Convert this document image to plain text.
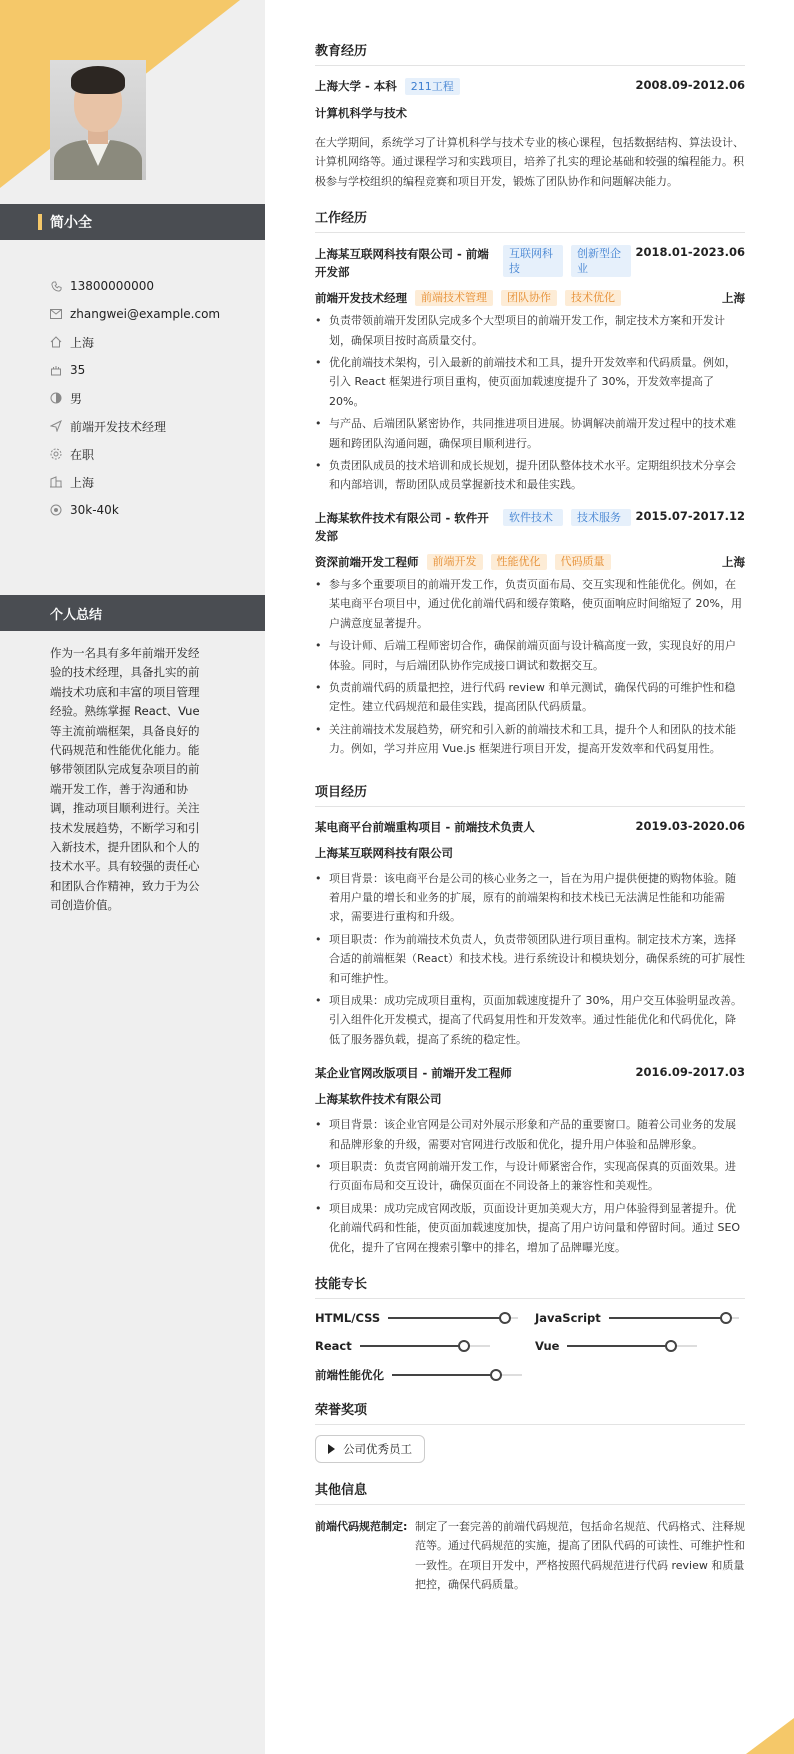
简小全
13800000000
zhangwei@example.com
上海
35
男
前端开发技术经理
在职
上海
30k-40k
个人总结
作为一名具有多年前端开发经验的技术经理，具备扎实的前端技术功底和丰富的项目管理经验。熟练掌握 React、Vue 等主流前端框架，具备良好的代码规范和性能优化能力。能够带领团队完成复杂项目的前端开发工作，善于沟通和协调，推动项目顺利进行。关注技术发展趋势，不断学习和引入新技术，提升团队和个人的技术水平。具有较强的责任心和团队合作精神，致力于为公司创造价值。
教育经历
上海大学 - 本科	211工程	2008.09-2012.06
计算机科学与技术
在大学期间，系统学习了计算机科学与技术专业的核心课程，包括数据结构、算法设计、计算机网络等。通过课程学习和实践项目，培养了扎实的理论基础和较强的编程能力。积极参与学校组织的编程竞赛和项目开发，锻炼了团队协作和问题解决能力。
工作经历
上海某互联网科技有限公司 - 前端开发部
互联网科技
创新型企业
2018.01-2023.06
前端开发技术经理	前端技术管理	团队协作	技术优化	上海
• 负责带领前端开发团队完成多个大型项目的前端开发工作，制定技术方案和开发计划，确保项目按时高质量交付。
• 优化前端技术架构，引入最新的前端技术和工具，提升开发效率和代码质量。例如，引入 React 框架进行项目重构，使页面加载速度提升了 30%，开发效率提高了 20%。
• 与产品、后端团队紧密协作，共同推进项目进展。协调解决前端开发过程中的技术难题和跨团队沟通问题，确保项目顺利进行。
• 负责团队成员的技术培训和成长规划，提升团队整体技术水平。定期组织技术分享会和内部培训，帮助团队成员掌握新技术和最佳实践。
上海某软件技术有限公司 - 软件开发部
软件技术	技术服务	2015.07-2017.12
资深前端开发工程师	前端开发	性能优化	代码质量	上海
• 参与多个重要项目的前端开发工作，负责页面布局、交互实现和性能优化。例如，在某电商平台项目中，通过优化前端代码和缓存策略，使页面响应时间缩短了 20%，用户满意度显著提升。
• 与设计师、后端工程师密切合作，确保前端页面与设计稿高度一致，实现良好的用户体验。同时，与后端团队协作完成接口调试和数据交互。
• 负责前端代码的质量把控，进行代码 review 和单元测试，确保代码的可维护性和稳定性。建立代码规范和最佳实践，提高团队代码质量。
• 关注前端技术发展趋势，研究和引入新的前端技术和工具，提升个人和团队的技术能力。例如，学习并应用 Vue.js 框架进行项目开发，提高开发效率和代码复用性。
项目经历
某电商平台前端重构项目 - 前端技术负责人	2019.03-2020.06
上海某互联网科技有限公司
• 项目背景：该电商平台是公司的核心业务之一，旨在为用户提供便捷的购物体验。随着用户量的增长和业务的扩展，原有的前端架构和技术栈已无法满足性能和功能需求，需要进行重构和升级。
• 项目职责：作为前端技术负责人，负责带领团队进行项目重构。制定技术方案，选择合适的前端框架（React）和技术栈。进行系统设计和模块划分，确保系统的可扩展性和可维护性。
• 项目成果：成功完成项目重构，页面加载速度提升了 30%，用户交互体验明显改善。引入组件化开发模式，提高了代码复用性和开发效率。通过性能优化和代码优化，降低了服务器负载，提高了系统的稳定性。
某企业官网改版项目 - 前端开发工程师	2016.09-2017.03
上海某软件技术有限公司
• 项目背景：该企业官网是公司对外展示形象和产品的重要窗口。随着公司业务的发展和品牌形象的升级，需要对官网进行改版和优化，提升用户体验和品牌形象。
• 项目职责：负责官网前端开发工作，与设计师紧密合作，实现高保真的页面效果。进行页面布局和交互设计，确保页面在不同设备上的兼容性和美观性。
• 项目成果：成功完成官网改版，页面设计更加美观大方，用户体验得到显著提升。优化前端代码和性能，使页面加载速度加快，提高了用户访问量和停留时间。通过 SEO 优化，提升了官网在搜索引擎中的排名，增加了品牌曝光度。
技能专长
HTML/CSS	JavaScript
React	Vue
前端性能优化
荣誉奖项
公司优秀员工
其他信息
前端代码规范制定: 制定了一套完善的前端代码规范，包括命名规范、代码格式、注释规范等。通过代码规范的实施，提高了团队代码的可读性、可维护性和一致性。在项目开发中，严格按照代码规范进行代码 review 和质量把控，确保代码质量。
